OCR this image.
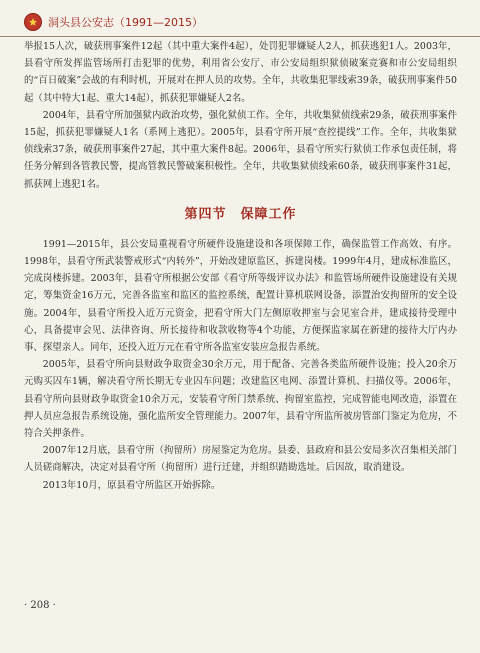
洞头县公安志（1991—2015）

举报15人次，破获刑事案件12起（其中重大案件4起），处罚犯罪嫌疑人2人，抓获逃犯1人。2003年，县看守所发挥监管场所打击犯罪的优势，利用省公安厅、市公安局组织狱侦破案竞赛和市公安局组织的“百日破案”会战的有利时机，开展对在押人员的攻势。全年，共收集犯罪线索39条，破获刑事案件50起（其中特大1起、重大14起），抓获犯罪嫌疑人2名。

2004年，县看守所加强狱内政治攻势，强化狱侦工作。全年，共收集狱侦线索29条，破获刑事案件15起，抓获犯罪嫌疑人1名（系网上逃犯）。2005年，县看守所开展“查控提线”工作。全年，共收集狱侦线索37条，破获刑事案件27起，其中重大案件8起。2006年，县看守所实行狱侦工作承包责任制，将任务分解到各管教民警，提高管教民警破案积极性。全年，共收集狱侦线索60条，破获刑事案件31起，抓获网上逃犯1名。

第四节　保障工作

1991—2015年，县公安局重视看守所硬件设施建设和各项保障工作，确保监管工作高效、有序。1998年，县看守所武装警戒形式“内转外”，开始改建原监区，拆建岗楼。1999年4月，建成标准监区，完成岗楼拆建。2003年，县看守所根据公安部《看守所等级评议办法》和监管场所硬件设施建设有关规定，筹集资金16万元，完善各监室和监区的监控系统，配置计算机联网设备，添置治安拘留所的安全设施。2004年，县看守所投入近万元资金，把看守所大门左侧原收押室与会见室合并，建成接待受理中心，具备提审会见、法律咨询、所长接待和收款收物等4个功能，方便探监家属在新建的接待大厅内办事、探望亲人。同年，还投入近万元在看守所各监室安装应急报告系统。

2005年，县看守所向县财政争取资金30余万元，用于配备、完善各类监所硬件设施；投入20余万元购买囚车1辆，解决看守所长期无专业囚车问题；改建监区电网、添置计算机、扫描仪等。2006年，县看守所向县财政争取资金10余万元，安装看守所门禁系统、拘留室监控，完成智能电网改造，添置在押人员应急报告系统设施，强化监所安全管理能力。2007年，县看守所监所被房管部门鉴定为危房，不符合关押条件。

2007年12月底，县看守所（拘留所）房屋鉴定为危房。县委、县政府和县公安局多次召集相关部门人员磋商解决，决定对县看守所（拘留所）进行迁建，并组织踏勘选址。后因故，取消建设。

2013年10月，原县看守所监区开始拆除。

· 208 ·
